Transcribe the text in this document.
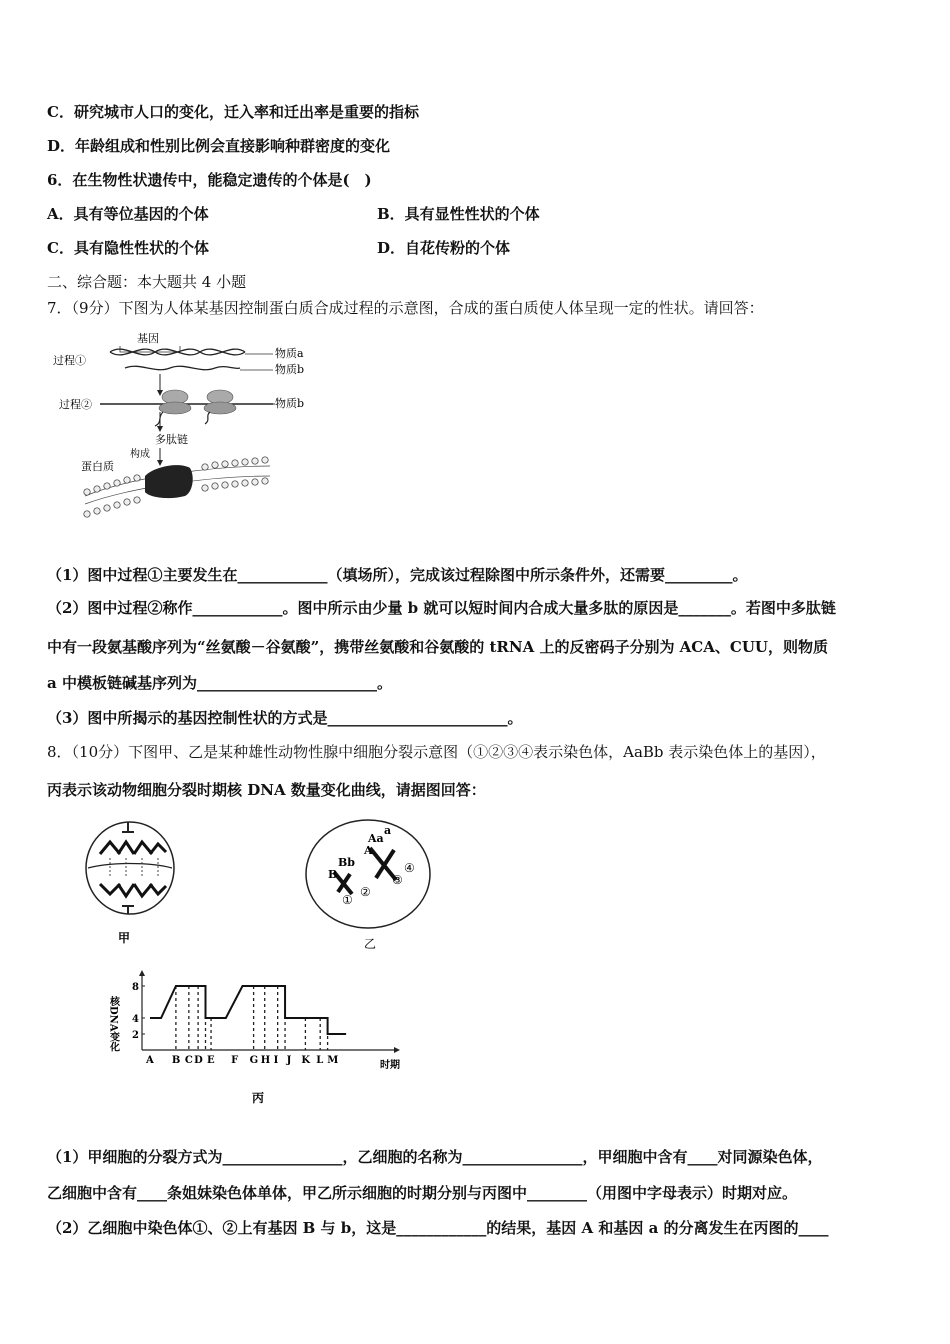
C．研究城市人口的变化，迁入率和迁出率是重要的指标
D．年龄组成和性别比例会直接影响种群密度的变化
6．在生物性状遗传中，能稳定遗传的个体是(　)
A．具有等位基因的个体	B．具有显性性状的个体
C．具有隐性性状的个体	D．自花传粉的个体
二、综合题：本大题共 4 小题
7．（9分）下图为人体某基因控制蛋白质合成过程的示意图，合成的蛋白质使人体呈现一定的性状。请回答：
基因
过程①
物质a
物质b
过程②	物质b
多肽链
构成
蛋白质
（1）图中过程①主要发生在____________（填场所），完成该过程除图中所示条件外，还需要_________。
（2）图中过程②称作____________。图中所示由少量 b 就可以短时间内合成大量多肽的原因是_______。若图中多肽链
中有一段氨基酸序列为“丝氨酸－谷氨酸”，携带丝氨酸和谷氨酸的 tRNA 上的反密码子分别为 ACA、CUU，则物质
a 中模板链碱基序列为________________________。
（3）图中所揭示的基因控制性状的方式是________________________。
8．（10分）下图甲、乙是某种雄性动物性腺中细胞分裂示意图（①②③④表示染色体，AaBb 表示染色体上的基因），
丙表示该动物细胞分裂时期核 DNA 数量变化曲线，请据图回答：
甲
B
Bb
Aa
A
a
①
②
③
④
乙
核DNA变化
时期
2
4
8
A B C D E F G H I J K L M
丙
（1）甲细胞的分裂方式为________________，乙细胞的名称为________________，甲细胞中含有____对同源染色体，
乙细胞中含有____条姐妹染色体单体，甲乙所示细胞的时期分别与丙图中________（用图中字母表示）时期对应。
（2）乙细胞中染色体①、②上有基因 B 与 b，这是____________的结果，基因 A 和基因 a 的分离发生在丙图的____
